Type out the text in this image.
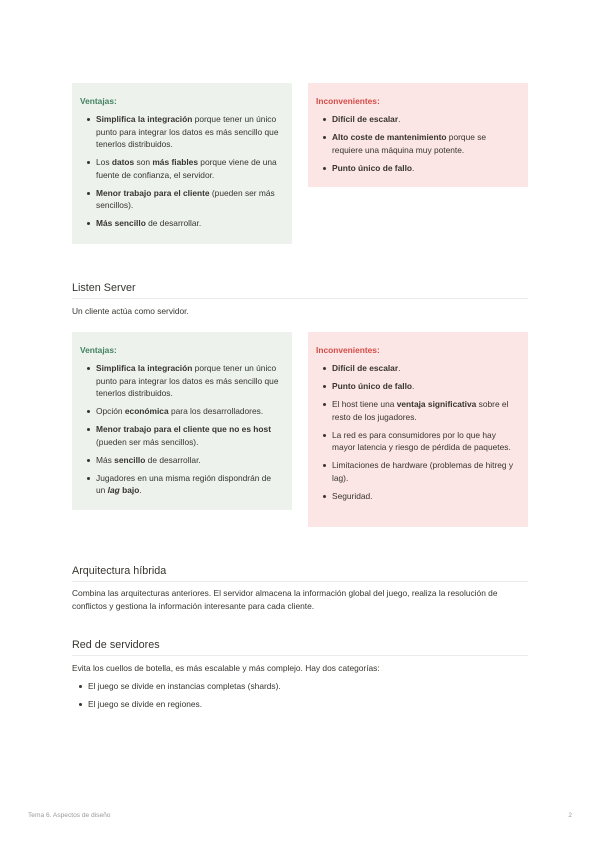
Ventajas:

Simplifica la integración porque tener un único punto para integrar los datos es más sencillo que tenerlos distribuidos.
Los datos son más fiables porque viene de una fuente de confianza, el servidor.
Menor trabajo para el cliente (pueden ser más sencillos).
Más sencillo de desarrollar.

Inconvenientes:

Difícil de escalar.
Alto coste de mantenimiento porque se requiere una máquina muy potente.
Punto único de fallo.
Listen Server

Un cliente actúa como servidor.

Ventajas:

Simplifica la integración porque tener un único punto para integrar los datos es más sencillo que tenerlos distribuidos.
Opción económica para los desarrolladores.
Menor trabajo para el cliente que no es host (pueden ser más sencillos).
Más sencillo de desarrollar.
Jugadores en una misma región dispondrán de un lag bajo.

Inconvenientes:

Difícil de escalar.
Punto único de fallo.
El host tiene una ventaja significativa sobre el resto de los jugadores.
La red es para consumidores por lo que hay mayor latencia y riesgo de pérdida de paquetes.
Limitaciones de hardware (problemas de hitreg y lag).
Seguridad.
Arquitectura híbrida

Combina las arquitecturas anteriores. El servidor almacena la información global del juego, realiza la resolución de conflictos y gestiona la información interesante para cada cliente.

Red de servidores

Evita los cuellos de botella, es más escalable y más complejo. Hay dos categorías:

El juego se divide en instancias completas (shards).
El juego se divide en regiones.
Tema 6. Aspectos de diseño	2
